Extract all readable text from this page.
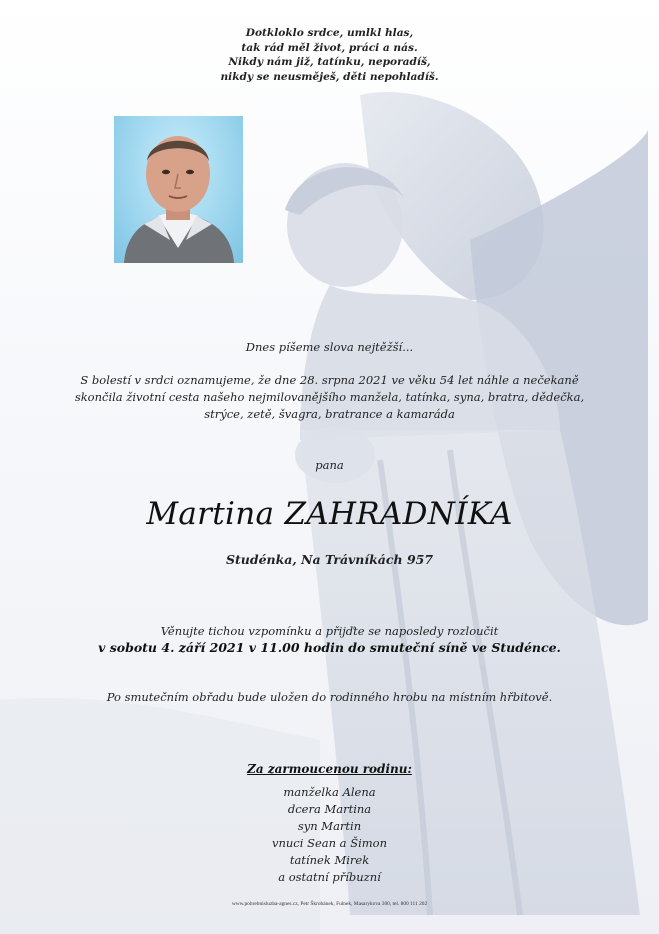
Dotkloklo srdce, umlkl hlas,
tak rád měl život, práci a nás.
Nikdy nám již, tatínku, neporadíš,
nikdy se neusměješ, děti nepohladíš.
Dnes píšeme slova nejtěžší...
S bolestí v srdci oznamujeme, že dne 28. srpna 2021 ve věku 54 let náhle a nečekaně
skončila životní cesta našeho nejmilovanějšího manžela, tatínka, syna, bratra, dědečka,
strýce, zetě, švagra, bratrance a kamaráda
pana
Martina ZAHRADNÍKA
Studénka, Na Trávníkách 957
Věnujte tichou vzpomínku a přijďte se naposledy rozloučit
v sobotu 4. září 2021 v 11.00 hodin do smuteční síně ve Studénce.
Po smutečním obřadu bude uložen do rodinného hrobu na místním hřbitově.
Za zarmoucenou rodinu:
manželka Alena
dcera Martina
syn Martin
vnuci Sean a Šimon
tatínek Mirek
a ostatní příbuzní
www.pohrebnisluzba-agnes.cz, Petr Škrobánek, Fulnek, Masarykova 300, tel. 800 111 202
